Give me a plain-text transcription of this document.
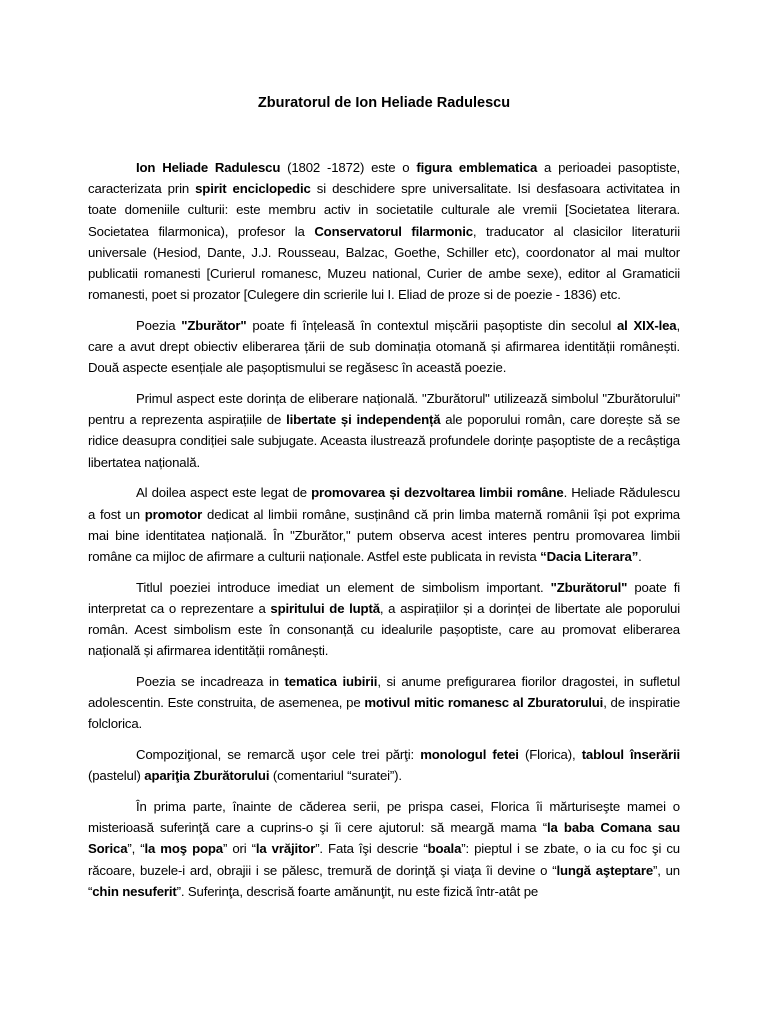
Zburatorul de Ion Heliade Radulescu

Ion Heliade Radulescu (1802 -1872) este o figura emblematica a perioadei pasoptiste, caracterizata prin spirit enciclopedic si deschidere spre universalitate. Isi desfasoara activitatea in toate domeniile culturii: este membru activ in societatile culturale ale vremii [Societatea literara. Societatea filarmonica), profesor la Conservatorul filarmonic, traducator al clasicilor literaturii universale (Hesiod, Dante, J.J. Rousseau, Balzac, Goethe, Schiller etc), coordonator al mai multor publicatii romanesti [Curierul romanesc, Muzeu national, Curier de ambe sexe), editor al Gramaticii romanesti, poet si prozator [Culegere din scrierile lui I. Eliad de proze si de poezie - 1836) etc.

Poezia "Zburător" poate fi înțeleasă în contextul mișcării pașoptiste din secolul al XIX-lea, care a avut drept obiectiv eliberarea țării de sub dominația otomană și afirmarea identității românești. Două aspecte esențiale ale pașoptismului se regăsesc în această poezie.

Primul aspect este dorința de eliberare națională. "Zburătorul" utilizează simbolul "Zburătorului" pentru a reprezenta aspirațiile de libertate și independență ale poporului român, care dorește să se ridice deasupra condiției sale subjugate. Aceasta ilustrează profundele dorințe pașoptiste de a recâștiga libertatea națională.

Al doilea aspect este legat de promovarea și dezvoltarea limbii române. Heliade Rădulescu a fost un promotor dedicat al limbii române, susținând că prin limba maternă românii își pot exprima mai bine identitatea națională. În "Zburător," putem observa acest interes pentru promovarea limbii române ca mijloc de afirmare a culturii naționale. Astfel este publicata in revista “Dacia Literara”.

Titlul poeziei introduce imediat un element de simbolism important. "Zburătorul" poate fi interpretat ca o reprezentare a spiritului de luptă, a aspirațiilor și a dorinței de libertate ale poporului român. Acest simbolism este în consonanță cu idealurile pașoptiste, care au promovat eliberarea națională și afirmarea identității românești.

Poezia se incadreaza in tematica iubirii, si anume prefigurarea fiorilor dragostei, in sufletul adolescentin. Este construita, de asemenea, pe motivul mitic romanesc al Zburatorului, de inspiratie folclorica.

Compoziţional, se remarcă uşor cele trei părţi: monologul fetei (Florica), tabloul înserării (pastelul) apariţia Zburătorului (comentariul “suratei”).

În prima parte, înainte de căderea serii, pe prispa casei, Florica îi mărturiseşte mamei o misterioasă suferinţă care a cuprins-o şi îi cere ajutorul: să meargă mama “la baba Comana sau Sorica”, “la moş popa” ori “la vrăjitor”. Fata îşi descrie “boala”: pieptul i se zbate, o ia cu foc şi cu răcoare, buzele-i ard, obrajii i se pălesc, tremură de dorinţă şi viaţa îi devine o “lungă aşteptare”, un “chin nesuferit”. Suferinţa, descrisă foarte amănunţit, nu este fizică într-atât pe
